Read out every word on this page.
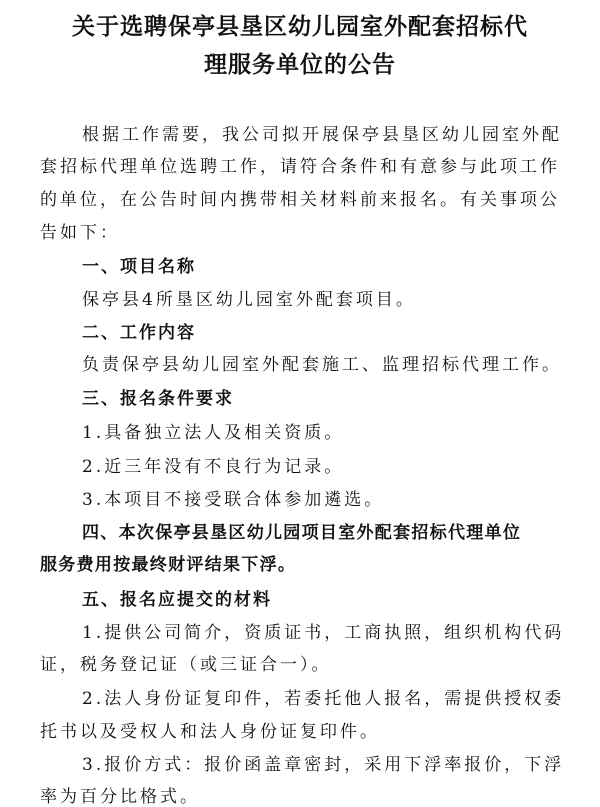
关于选聘保亭县垦区幼儿园室外配套招标代
理服务单位的公告
根据工作需要，我公司拟开展保亭县垦区幼儿园室外配
套招标代理单位选聘工作，请符合条件和有意参与此项工作
的单位，在公告时间内携带相关材料前来报名。有关事项公
告如下：
一、项目名称
保亭县4所垦区幼儿园室外配套项目。
二、工作内容
负责保亭县幼儿园室外配套施工、监理招标代理工作。
三、报名条件要求
1.具备独立法人及相关资质。
2.近三年没有不良行为记录。
3.本项目不接受联合体参加遴选。
四、本次保亭县垦区幼儿园项目室外配套招标代理单位
服务费用按最终财评结果下浮。
五、报名应提交的材料
1.提供公司简介，资质证书，工商执照，组织机构代码
证，税务登记证（或三证合一）。
2.法人身份证复印件，若委托他人报名，需提供授权委
托书以及受权人和法人身份证复印件。
3.报价方式：报价函盖章密封，采用下浮率报价，下浮
率为百分比格式。
